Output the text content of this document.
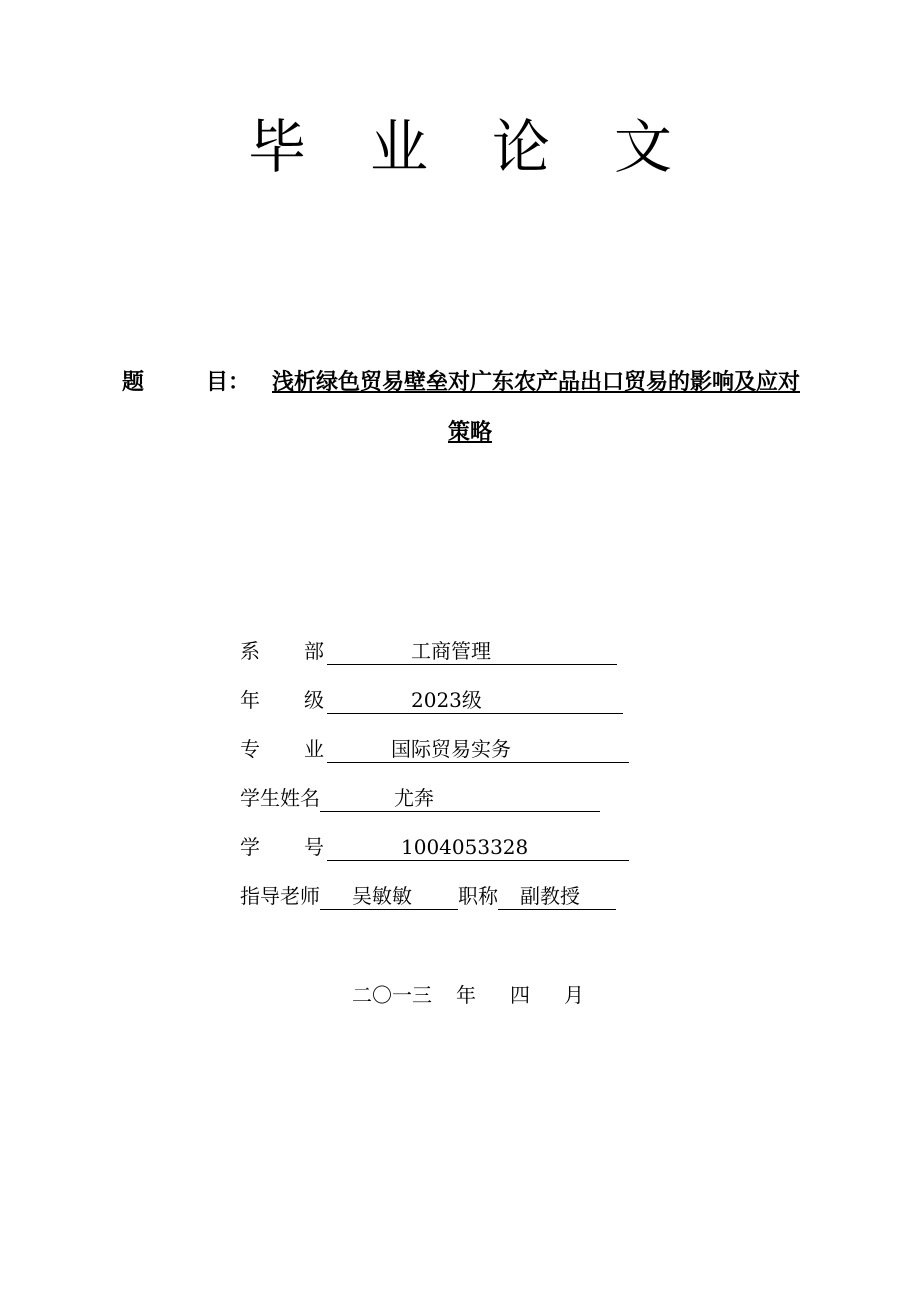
毕 业 论 文
题	目： 浅析绿色贸易壁垒对广东农产品出口贸易的影响及应对
策略
系 部	工商管理
年 级	2023级
专 业	国际贸易实务
学生姓名	尤奔
学 号	1004053328
指导老师 吴敏敏 职称 副教授
二〇一三 年 四 月
